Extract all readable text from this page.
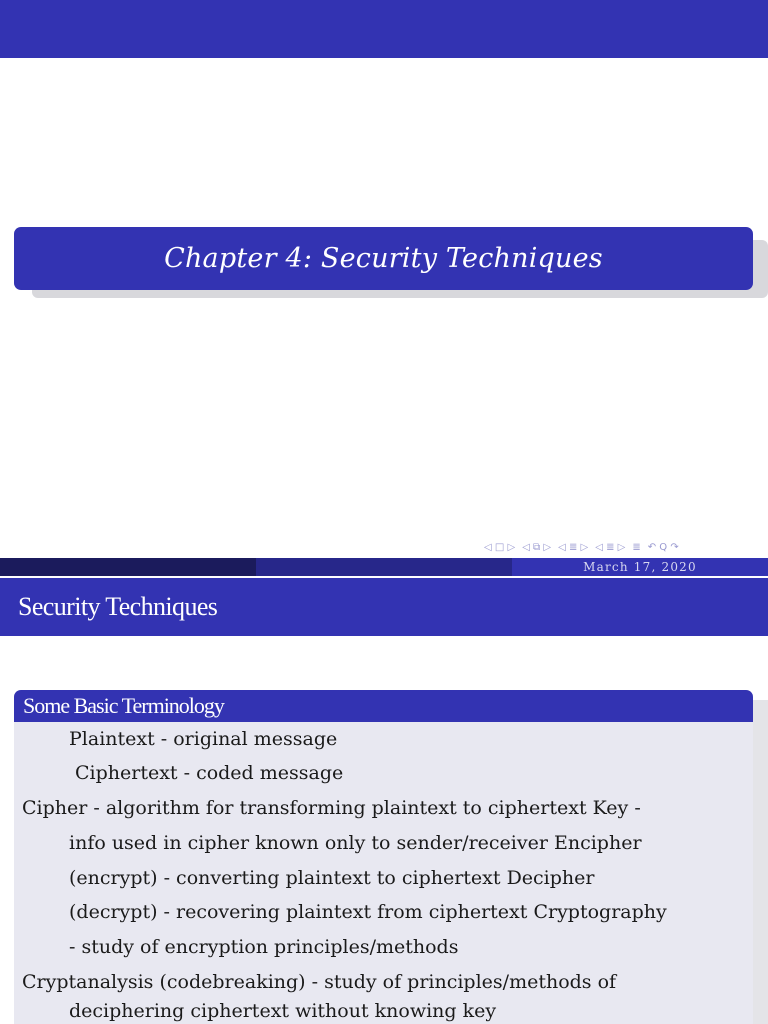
Chapter 4: Security Techniques
◁ □ ▷ ◁ ⧉ ▷ ◁ ≣ ▷ ◁ ≣ ▷ ≣ ↶ Q ↷
March 17, 2020
Security Techniques
Some Basic Terminology
Plaintext - original message
Ciphertext - coded message
Cipher - algorithm for transforming plaintext to ciphertext Key -
info used in cipher known only to sender/receiver Encipher
(encrypt) - converting plaintext to ciphertext Decipher
(decrypt) - recovering plaintext from ciphertext Cryptography
- study of encryption principles/methods
Cryptanalysis (codebreaking) - study of principles/methods of
deciphering ciphertext without knowing key
